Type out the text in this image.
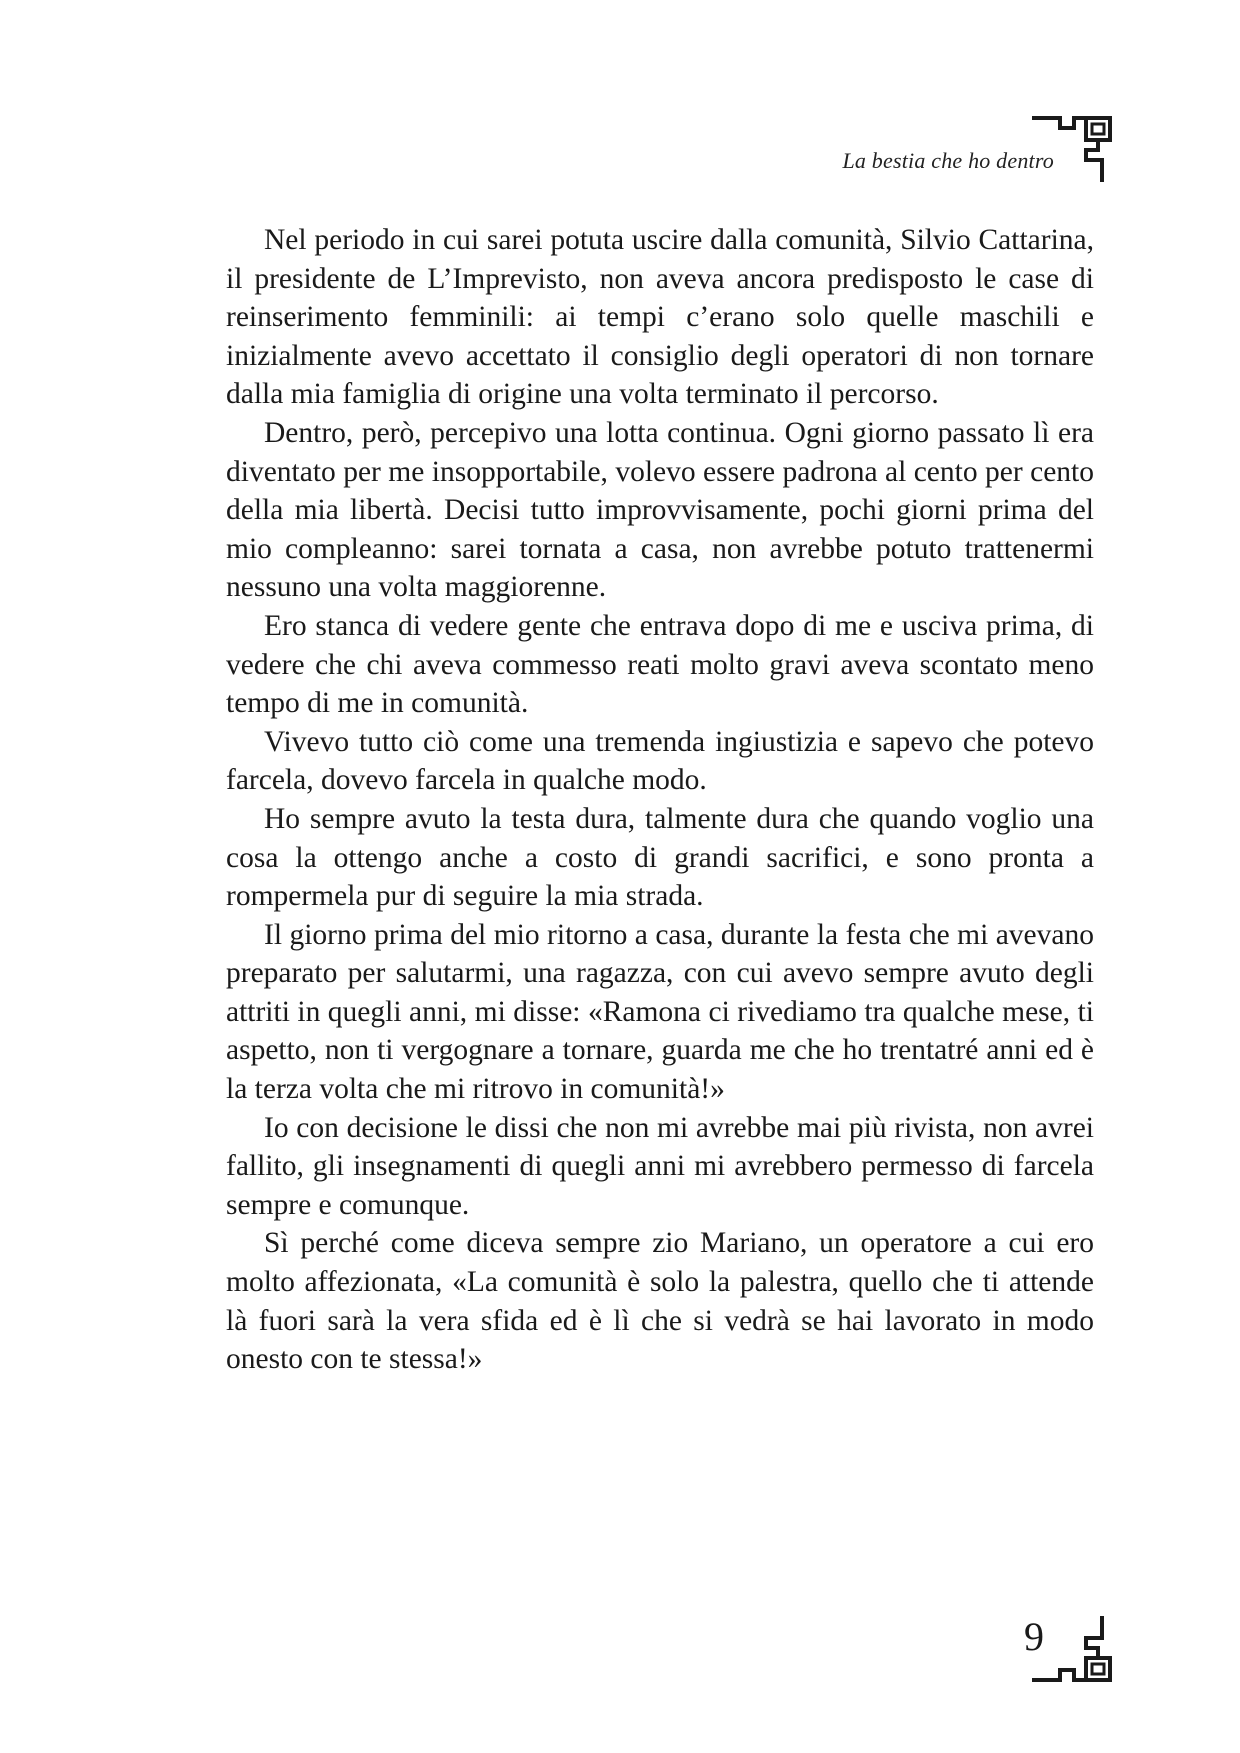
La bestia che ho dentro

Nel periodo in cui sarei potuta uscire dalla comunità, Silvio Cattarina, il presidente de L’Imprevisto, non aveva ancora predisposto le case di reinserimento femminili: ai tempi c’erano solo quelle maschili e inizialmente avevo accettato il consiglio degli operatori di non tornare dalla mia famiglia di origine una volta terminato il percorso.

Dentro, però, percepivo una lotta continua. Ogni giorno passato lì era diventato per me insopportabile, volevo essere padrona al cento per cento della mia libertà. Decisi tutto improvvisamente, pochi giorni prima del mio compleanno: sarei tornata a casa, non avrebbe potuto trattenermi nessuno una volta maggiorenne.

Ero stanca di vedere gente che entrava dopo di me e usciva prima, di vedere che chi aveva commesso reati molto gravi aveva scontato meno tempo di me in comunità.

Vivevo tutto ciò come una tremenda ingiustizia e sapevo che potevo farcela, dovevo farcela in qualche modo.

Ho sempre avuto la testa dura, talmente dura che quando voglio una cosa la ottengo anche a costo di grandi sacrifici, e sono pronta a rompermela pur di seguire la mia strada.

Il giorno prima del mio ritorno a casa, durante la festa che mi avevano preparato per salutarmi, una ragazza, con cui avevo sempre avuto degli attriti in quegli anni, mi disse: «Ramona ci rivediamo tra qualche mese, ti aspetto, non ti vergognare a tornare, guarda me che ho trentatré anni ed è la terza volta che mi ritrovo in comunità!»

Io con decisione le dissi che non mi avrebbe mai più rivista, non avrei fallito, gli insegnamenti di quegli anni mi avrebbero permesso di farcela sempre e comunque.

Sì perché come diceva sempre zio Mariano, un operatore a cui ero molto affezionata, «La comunità è solo la palestra, quello che ti attende là fuori sarà la vera sfida ed è lì che si vedrà se hai lavorato in modo onesto con te stessa!»

9
